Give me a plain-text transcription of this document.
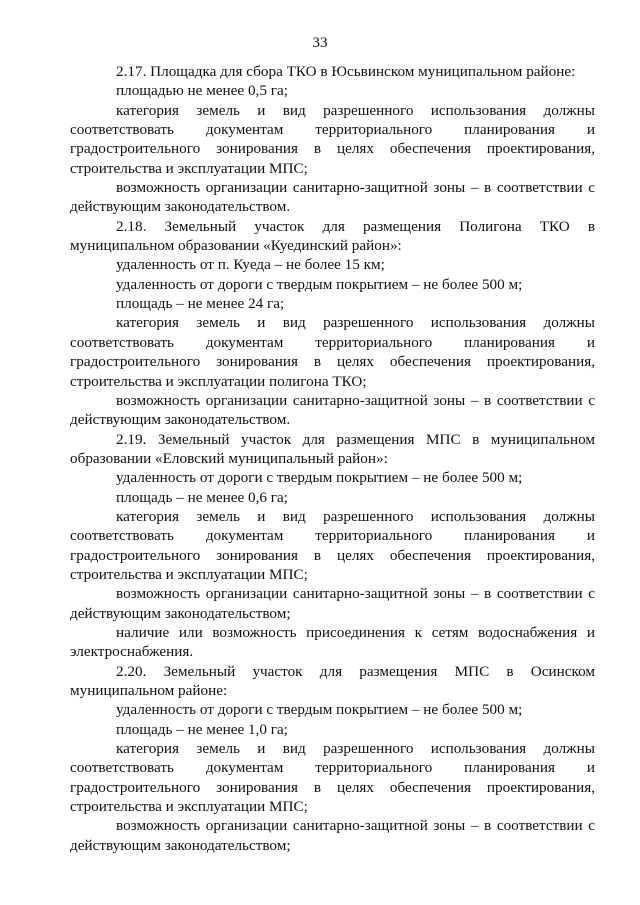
33

2.17. Площадка для сбора ТКО в Юсьвинском муниципальном районе:

площадью не менее 0,5 га;

категория земель и вид разрешенного использования должны соответствовать документам территориального планирования и градостроительного зонирования в целях обеспечения проектирования, строительства и эксплуатации МПС;

возможность организации санитарно-защитной зоны – в соответствии с действующим законодательством.

2.18. Земельный участок для размещения Полигона ТКО в муниципальном образовании «Куединский район»:

удаленность от п. Куеда – не более 15 км;

удаленность от дороги с твердым покрытием – не более 500 м;

площадь – не менее 24 га;

категория земель и вид разрешенного использования должны соответствовать документам территориального планирования и градостроительного зонирования в целях обеспечения проектирования, строительства и эксплуатации полигона ТКО;

возможность организации санитарно-защитной зоны – в соответствии с действующим законодательством.

2.19. Земельный участок для размещения МПС в муниципальном образовании «Еловский муниципальный район»:

удаленность от дороги с твердым покрытием – не более 500 м;

площадь – не менее 0,6 га;

категория земель и вид разрешенного использования должны соответствовать документам территориального планирования и градостроительного зонирования в целях обеспечения проектирования, строительства и эксплуатации МПС;

возможность организации санитарно-защитной зоны – в соответствии с действующим законодательством;

наличие или возможность присоединения к сетям водоснабжения и электроснабжения.

2.20. Земельный участок для размещения МПС в Осинском муниципальном районе:

удаленность от дороги с твердым покрытием – не более 500 м;

площадь – не менее 1,0 га;

категория земель и вид разрешенного использования должны соответствовать документам территориального планирования и градостроительного зонирования в целях обеспечения проектирования, строительства и эксплуатации МПС;

возможность организации санитарно-защитной зоны – в соответствии с действующим законодательством;
